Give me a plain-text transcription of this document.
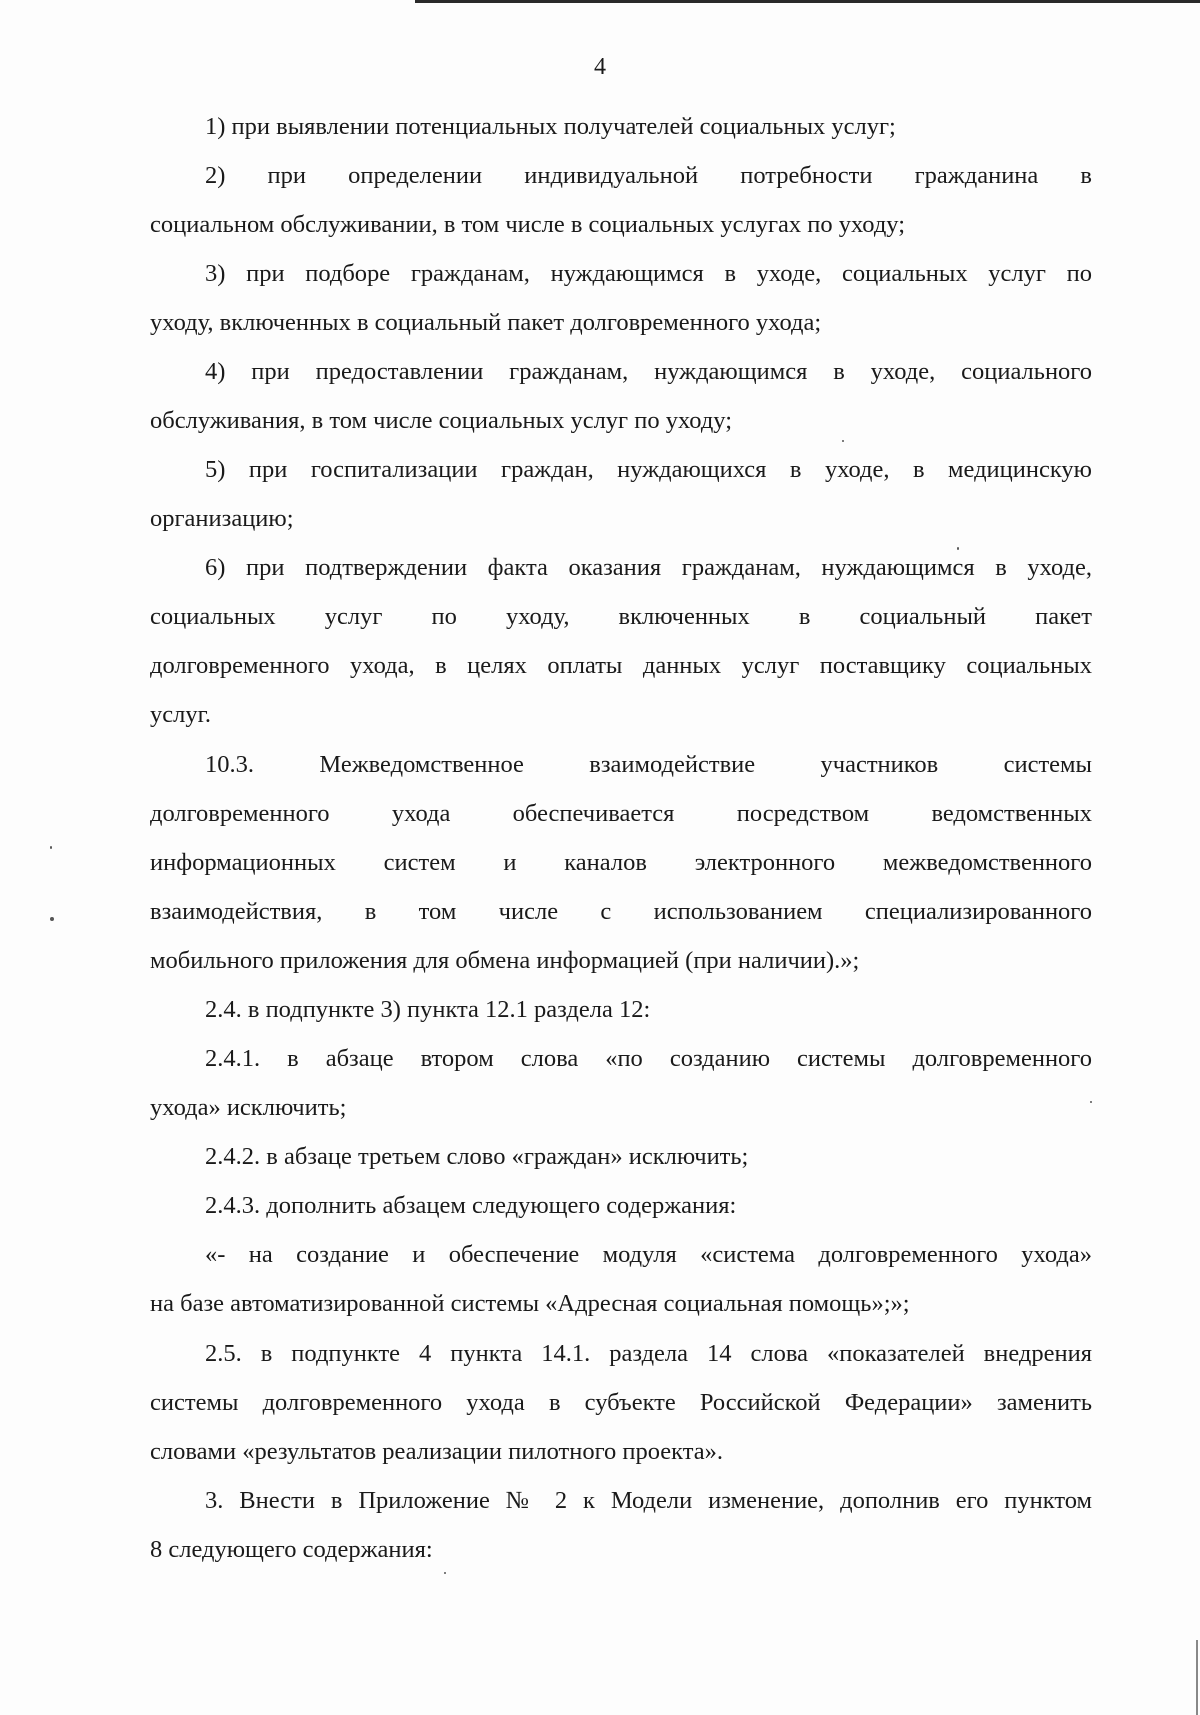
4
1) при выявлении потенциальных получателей социальных услуг;
2) при определении индивидуальной потребности гражданина в
социальном обслуживании, в том числе в социальных услугах по уходу;
3) при подборе гражданам, нуждающимся в уходе, социальных услуг по
уходу, включенных в социальный пакет долговременного ухода;
4) при предоставлении гражданам, нуждающимся в уходе, социального
обслуживания, в том числе социальных услуг по уходу;
5) при госпитализации граждан, нуждающихся в уходе, в медицинскую
организацию;
6) при подтверждении факта оказания гражданам, нуждающимся в уходе,
социальных услуг по уходу, включенных в социальный пакет
долговременного ухода, в целях оплаты данных услуг поставщику социальных
услуг.
10.3. Межведомственное взаимодействие участников системы
долговременного ухода обеспечивается посредством ведомственных
информационных систем и каналов электронного межведомственного
взаимодействия, в том числе с использованием специализированного
мобильного приложения для обмена информацией (при наличии).»;
2.4. в подпункте 3) пункта 12.1 раздела 12:
2.4.1. в абзаце втором слова «по созданию системы долговременного
ухода» исключить;
2.4.2. в абзаце третьем слово «граждан» исключить;
2.4.3. дополнить абзацем следующего содержания:
«- на создание и обеспечение модуля «система долговременного ухода»
на базе автоматизированной системы «Адресная социальная помощь»;»;
2.5. в подпункте 4 пункта 14.1. раздела 14 слова «показателей внедрения
системы долговременного ухода в субъекте Российской Федерации» заменить
словами «результатов реализации пилотного проекта».
3. Внести в Приложение № 2 к Модели изменение, дополнив его пунктом
8 следующего содержания:
